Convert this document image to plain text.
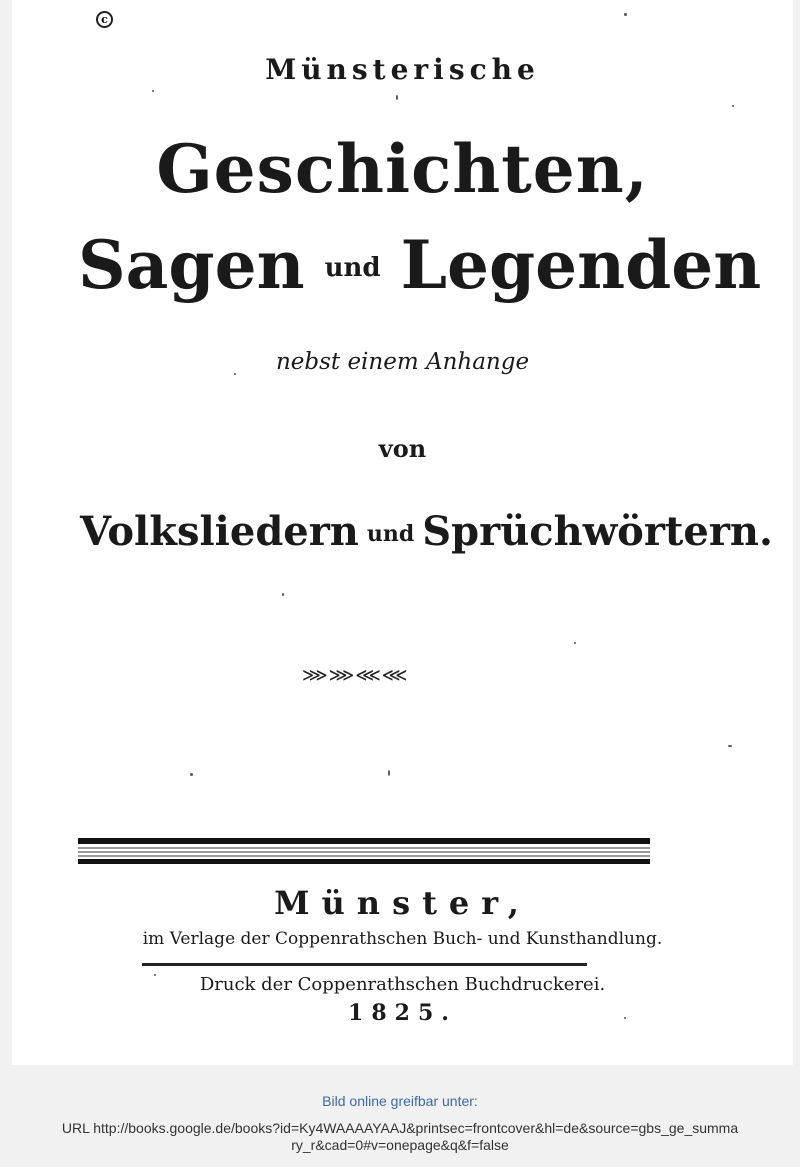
c
Münsterische
Geschichten,
Sagen und Legenden
nebst einem Anhange
von
Volksliedern und Sprüchwörtern.
⋙⋙⋘⋘
Münster,
im Verlage der Coppenrathschen Buch- und Kunsthandlung.
Druck der Coppenrathschen Buchdruckerei.
1825.
Bild online greifbar unter:
URL http://books.google.de/books?id=Ky4WAAAAYAAJ&printsec=frontcover&hl=de&source=gbs_ge_summary_r&cad=0#v=onepage&q&f=false
